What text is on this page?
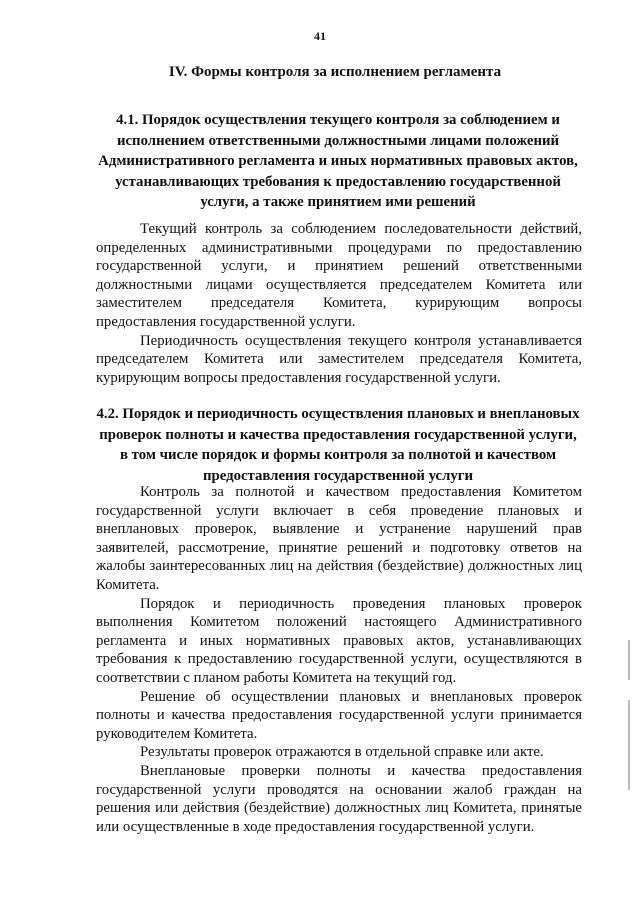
41
IV. Формы контроля за исполнением регламента
4.1. Порядок осуществления текущего контроля за соблюдением и исполнением ответственными должностными лицами положений Административного регламента и иных нормативных правовых актов, устанавливающих требования к предоставлению государственной услуги, а также принятием ими решений

Текущий контроль за соблюдением последовательности действий, определенных административными процедурами по предоставлению государственной услуги, и принятием решений ответственными должностными лицами осуществляется председателем Комитета или заместителем председателя Комитета, курирующим вопросы предоставления государственной услуги.

Периодичность осуществления текущего контроля устанавливается председателем Комитета или заместителем председателя Комитета, курирующим вопросы предоставления государственной услуги.

4.2. Порядок и периодичность осуществления плановых и внеплановых проверок полноты и качества предоставления государственной услуги, в том числе порядок и формы контроля за полнотой и качеством предоставления государственной услуги

Контроль за полнотой и качеством предоставления Комитетом государственной услуги включает в себя проведение плановых и внеплановых проверок, выявление и устранение нарушений прав заявителей, рассмотрение, принятие решений и подготовку ответов на жалобы заинтересованных лиц на действия (бездействие) должностных лиц Комитета.

Порядок и периодичность проведения плановых проверок выполнения Комитетом положений настоящего Административного регламента и иных нормативных правовых актов, устанавливающих требования к предоставлению государственной услуги, осуществляются в соответствии с планом работы Комитета на текущий год.

Решение об осуществлении плановых и внеплановых проверок полноты и качества предоставления государственной услуги принимается руководителем Комитета.

Результаты проверок отражаются в отдельной справке или акте.

Внеплановые проверки полноты и качества предоставления государственной услуги проводятся на основании жалоб граждан на решения или действия (бездействие) должностных лиц Комитета, принятые или осуществленные в ходе предоставления государственной услуги.
